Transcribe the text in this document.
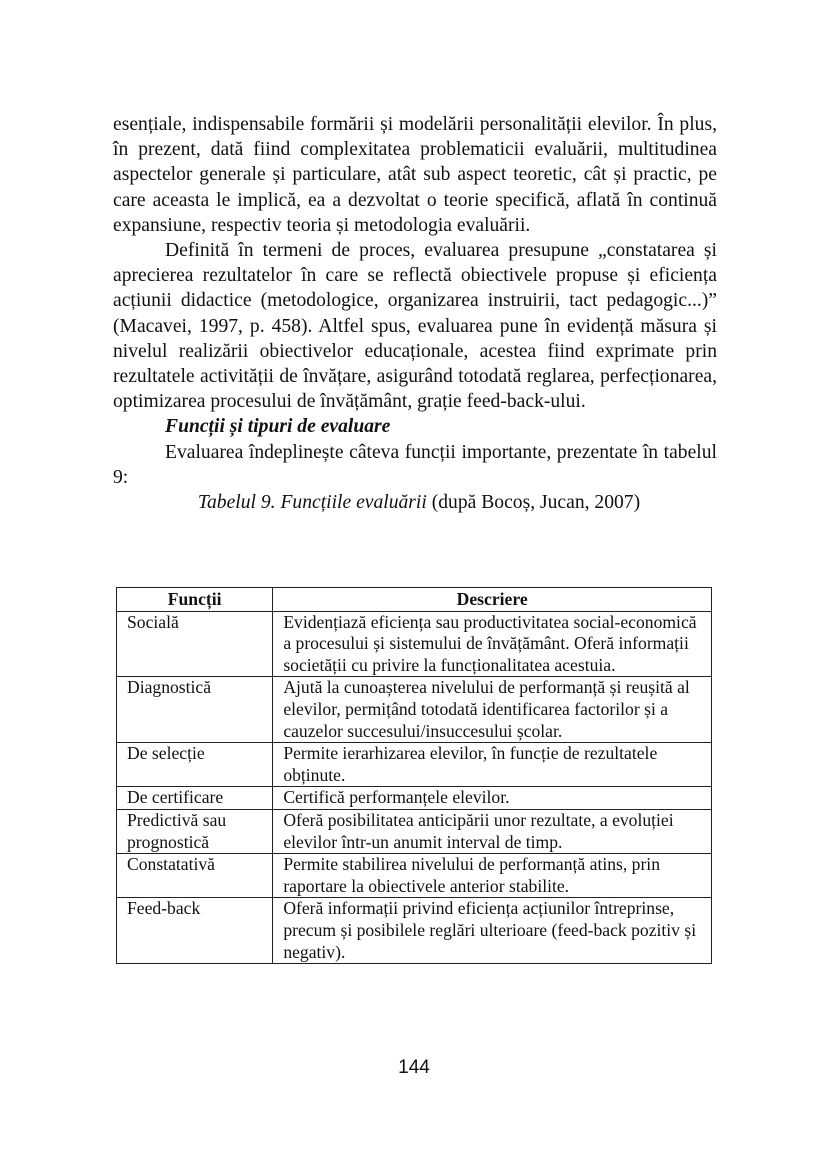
esențiale, indispensabile formării și modelării personalității elevilor. În plus, în prezent, dată fiind complexitatea problematicii evaluării, multitudinea aspectelor generale și particulare, atât sub aspect teoretic, cât și practic, pe care aceasta le implică, ea a dezvoltat o teorie specifică, aflată în continuă expansiune, respectiv teoria și metodologia evaluării.

Definită în termeni de proces, evaluarea presupune „constatarea și aprecierea rezultatelor în care se reflectă obiectivele propuse și eficiența acțiunii didactice (metodologice, organizarea instruirii, tact pedagogic...)” (Macavei, 1997, p. 458). Altfel spus, evaluarea pune în evidență măsura și nivelul realizării obiectivelor educaționale, acestea fiind exprimate prin rezultatele activității de învățare, asigurând totodată reglarea, perfecționarea, optimizarea procesului de învățământ, grație feed-back-ului.

Funcții și tipuri de evaluare

Evaluarea îndeplinește câteva funcții importante, prezentate în tabelul 9:

Tabelul 9. Funcțiile evaluării (după Bocoș, Jucan, 2007)

Funcții	Descriere
Socială	Evidențiază eficiența sau productivitatea social-economică a procesului și sistemului de învățământ. Oferă informații societății cu privire la funcționalitatea acestuia.
Diagnostică	Ajută la cunoașterea nivelului de performanță și reușită al elevilor, permițând totodată identificarea factorilor și a cauzelor succesului/insuccesului școlar.
De selecție	Permite ierarhizarea elevilor, în funcție de rezultatele obținute.
De certificare	Certifică performanțele elevilor.
Predictivă sau prognostică	Oferă posibilitatea anticipării unor rezultate, a evoluției elevilor într-un anumit interval de timp.
Constatativă	Permite stabilirea nivelului de performanță atins, prin raportare la obiectivele anterior stabilite.
Feed-back	Oferă informații privind eficiența acțiunilor întreprinse, precum și posibilele reglări ulterioare (feed-back pozitiv și negativ).
144
